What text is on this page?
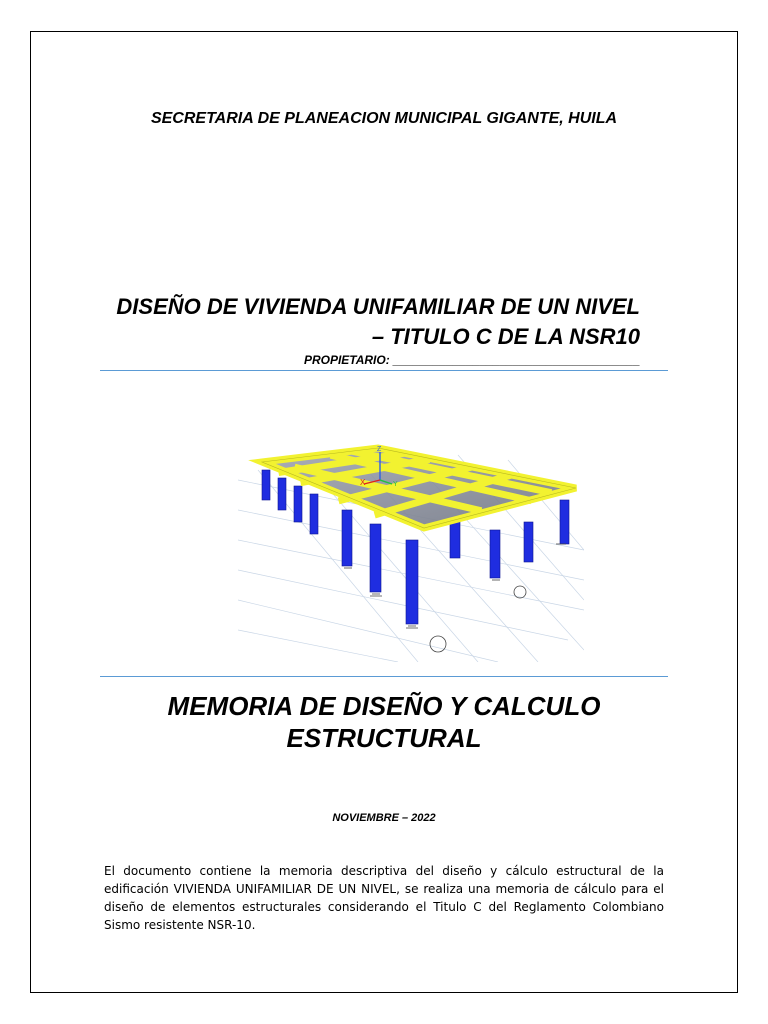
SECRETARIA DE PLANEACION MUNICIPAL GIGANTE, HUILA
DISEÑO DE VIVIENDA UNIFAMILIAR DE UN NIVEL
– TITULO C DE LA NSR10
PROPIETARIO: _____________________________________
X	Y
Z
MEMORIA DE DISEÑO Y CALCULO
ESTRUCTURAL
NOVIEMBRE – 2022
El documento contiene la memoria descriptiva del diseño y cálculo estructural de la edificación VIVIENDA UNIFAMILIAR DE UN NIVEL, se realiza una memoria de cálculo para el diseño de elementos estructurales considerando el Titulo C del Reglamento Colombiano Sismo resistente NSR-10.
